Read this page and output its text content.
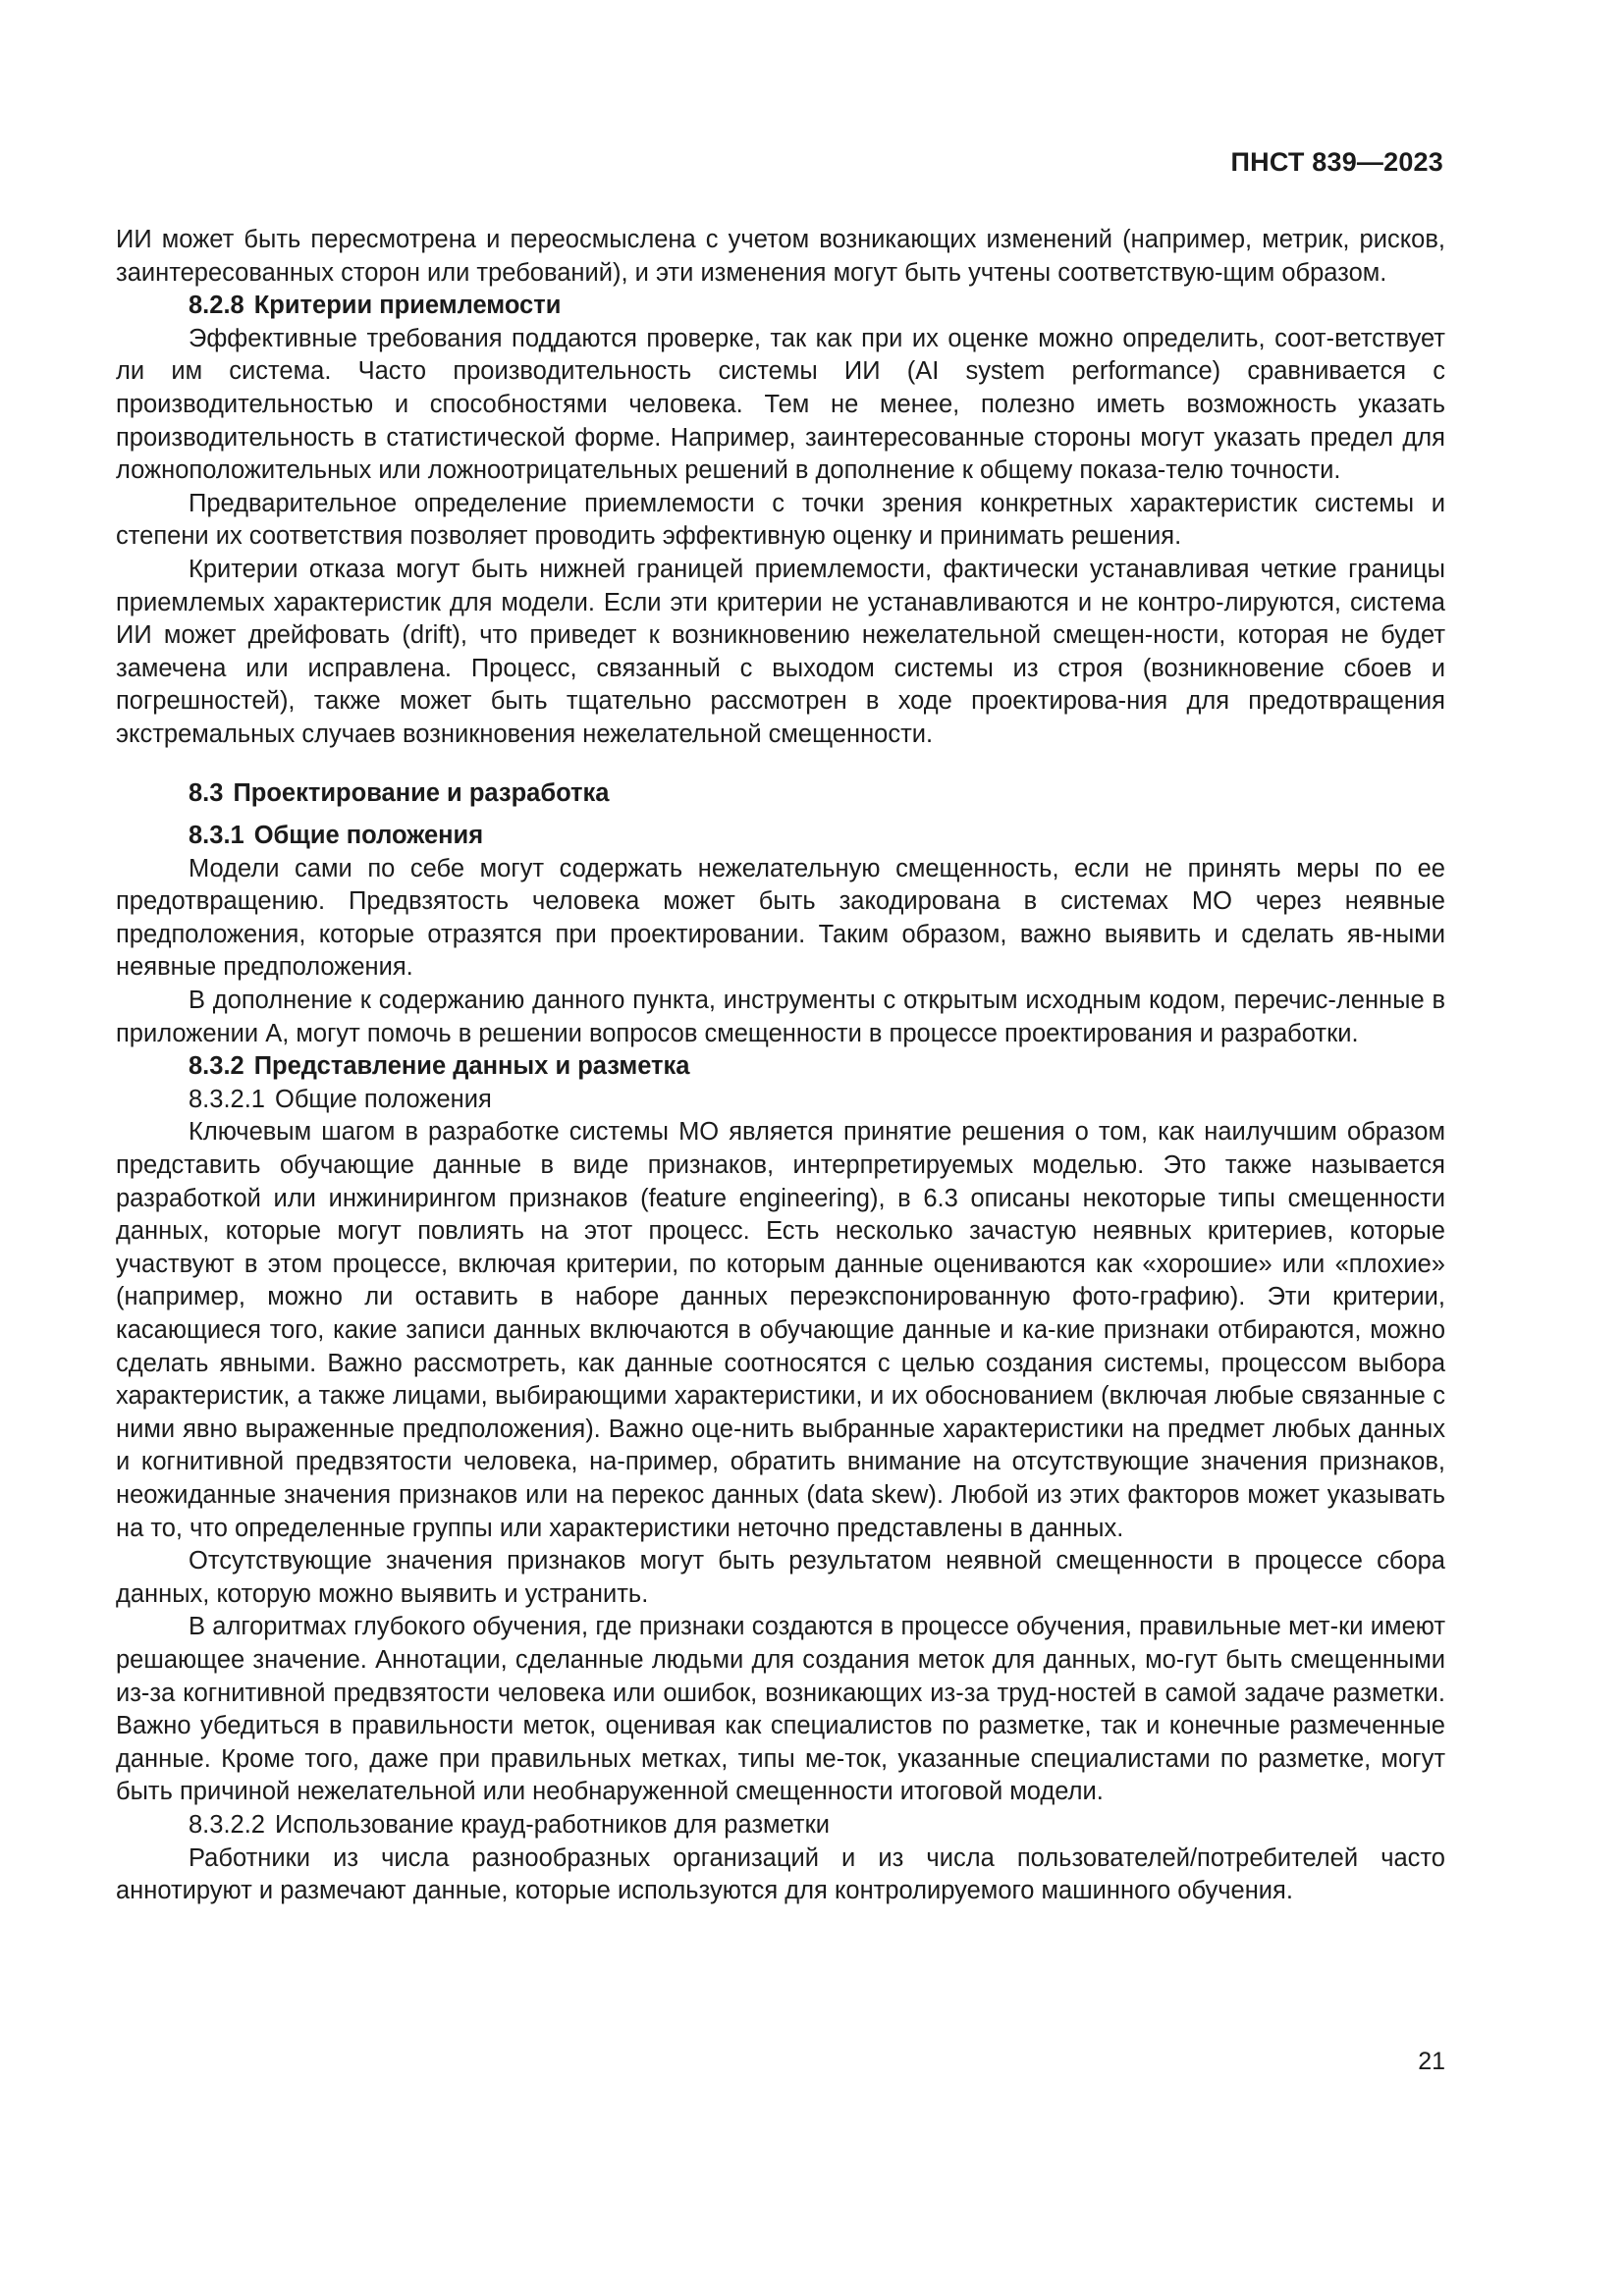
ПНСТ 839—2023

ИИ может быть пересмотрена и переосмыслена с учетом возникающих изменений (например, метрик, рисков, заинтересованных сторон или требований), и эти изменения могут быть учтены соответствую-щим образом.

8.2.8 Критерии приемлемости

Эффективные требования поддаются проверке, так как при их оценке можно определить, соот-ветствует ли им система. Часто производительность системы ИИ (AI system performance) сравнивается с производительностью и способностями человека. Тем не менее, полезно иметь возможность указать производительность в статистической форме. Например, заинтересованные стороны могут указать предел для ложноположительных или ложноотрицательных решений в дополнение к общему показа-телю точности.

Предварительное определение приемлемости с точки зрения конкретных характеристик системы и степени их соответствия позволяет проводить эффективную оценку и принимать решения.

Критерии отказа могут быть нижней границей приемлемости, фактически устанавливая четкие границы приемлемых характеристик для модели. Если эти критерии не устанавливаются и не контро-лируются, система ИИ может дрейфовать (drift), что приведет к возникновению нежелательной смещен-ности, которая не будет замечена или исправлена. Процесс, связанный с выходом системы из строя (возникновение сбоев и погрешностей), также может быть тщательно рассмотрен в ходе проектирова-ния для предотвращения экстремальных случаев возникновения нежелательной смещенности.

8.3 Проектирование и разработка
8.3.1 Общие положения

Модели сами по себе могут содержать нежелательную смещенность, если не принять меры по ее предотвращению. Предвзятость человека может быть закодирована в системах МО через неявные предположения, которые отразятся при проектировании. Таким образом, важно выявить и сделать яв-ными неявные предположения.

В дополнение к содержанию данного пункта, инструменты с открытым исходным кодом, перечис-ленные в приложении А, могут помочь в решении вопросов смещенности в процессе проектирования и разработки.

8.3.2 Представление данных и разметка
8.3.2.1 Общие положения

Ключевым шагом в разработке системы МО является принятие решения о том, как наилучшим образом представить обучающие данные в виде признаков, интерпретируемых моделью. Это также называется разработкой или инжинирингом признаков (feature engineering), в 6.3 описаны некоторые типы смещенности данных, которые могут повлиять на этот процесс. Есть несколько зачастую неявных критериев, которые участвуют в этом процессе, включая критерии, по которым данные оцениваются как «хорошие» или «плохие» (например, можно ли оставить в наборе данных переэкспонированную фото-графию). Эти критерии, касающиеся того, какие записи данных включаются в обучающие данные и ка-кие признаки отбираются, можно сделать явными. Важно рассмотреть, как данные соотносятся с целью создания системы, процессом выбора характеристик, а также лицами, выбирающими характеристики, и их обоснованием (включая любые связанные с ними явно выраженные предположения). Важно оце-нить выбранные характеристики на предмет любых данных и когнитивной предвзятости человека, на-пример, обратить внимание на отсутствующие значения признаков, неожиданные значения признаков или на перекос данных (data skew). Любой из этих факторов может указывать на то, что определенные группы или характеристики неточно представлены в данных.

Отсутствующие значения признаков могут быть результатом неявной смещенности в процессе сбора данных, которую можно выявить и устранить.

В алгоритмах глубокого обучения, где признаки создаются в процессе обучения, правильные мет-ки имеют решающее значение. Аннотации, сделанные людьми для создания меток для данных, мо-гут быть смещенными из-за когнитивной предвзятости человека или ошибок, возникающих из-за труд-ностей в самой задаче разметки. Важно убедиться в правильности меток, оценивая как специалистов по разметке, так и конечные размеченные данные. Кроме того, даже при правильных метках, типы ме-ток, указанные специалистами по разметке, могут быть причиной нежелательной или необнаруженной смещенности итоговой модели.

8.3.2.2 Использование крауд-работников для разметки

Работники из числа разнообразных организаций и из числа пользователей/потребителей часто аннотируют и размечают данные, которые используются для контролируемого машинного обучения.

21
